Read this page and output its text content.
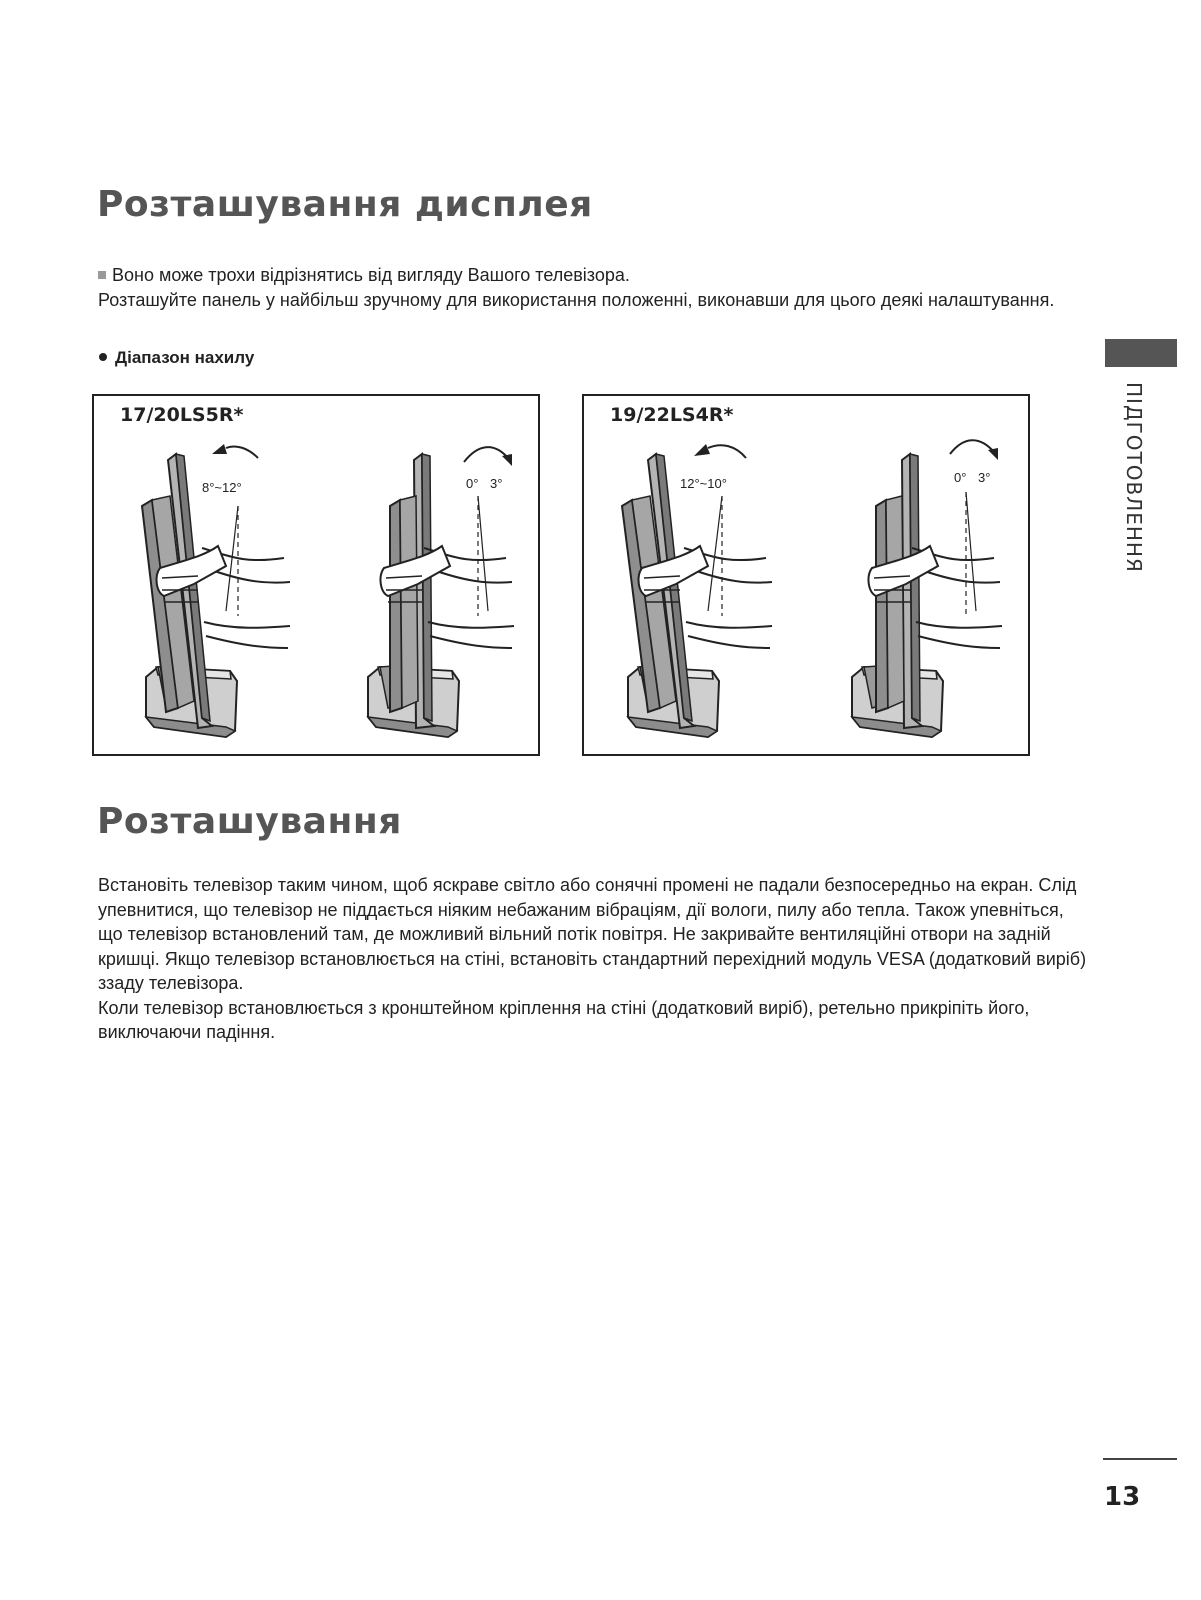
Розташування дисплея
Воно може трохи відрізнятись від вигляду Вашого телевізора.
Розташуйте панель у найбільш зручному для використання положенні, виконавши для цього деякі налаштування.
Діапазон нахилу
8°~12°	0° 3°
17/20LS5R*
12°~10°	0° 3°
19/22LS4R*
Розташування
Встановіть телевізор таким чином, щоб яскраве світло або сонячні промені не падали безпосередньо на екран. Слід упевнитися, що телевізор не піддається ніяким небажаним вібраціям, дії вологи, пилу або тепла. Також упевніться, що телевізор встановлений там, де можливий вільний потік повітря. Не закривайте вентиляційні отвори на задній кришці. Якщо телевізор встановлюється на стіні, встановіть стандартний перехідний модуль VESA (додатковий виріб) ззаду телевізора.
Коли телевізор встановлюється з кронштейном кріплення на стіні (додатковий виріб), ретельно прикріпіть його, виключаючи падіння.
ПІДГОТОВЛЕННЯ
13
